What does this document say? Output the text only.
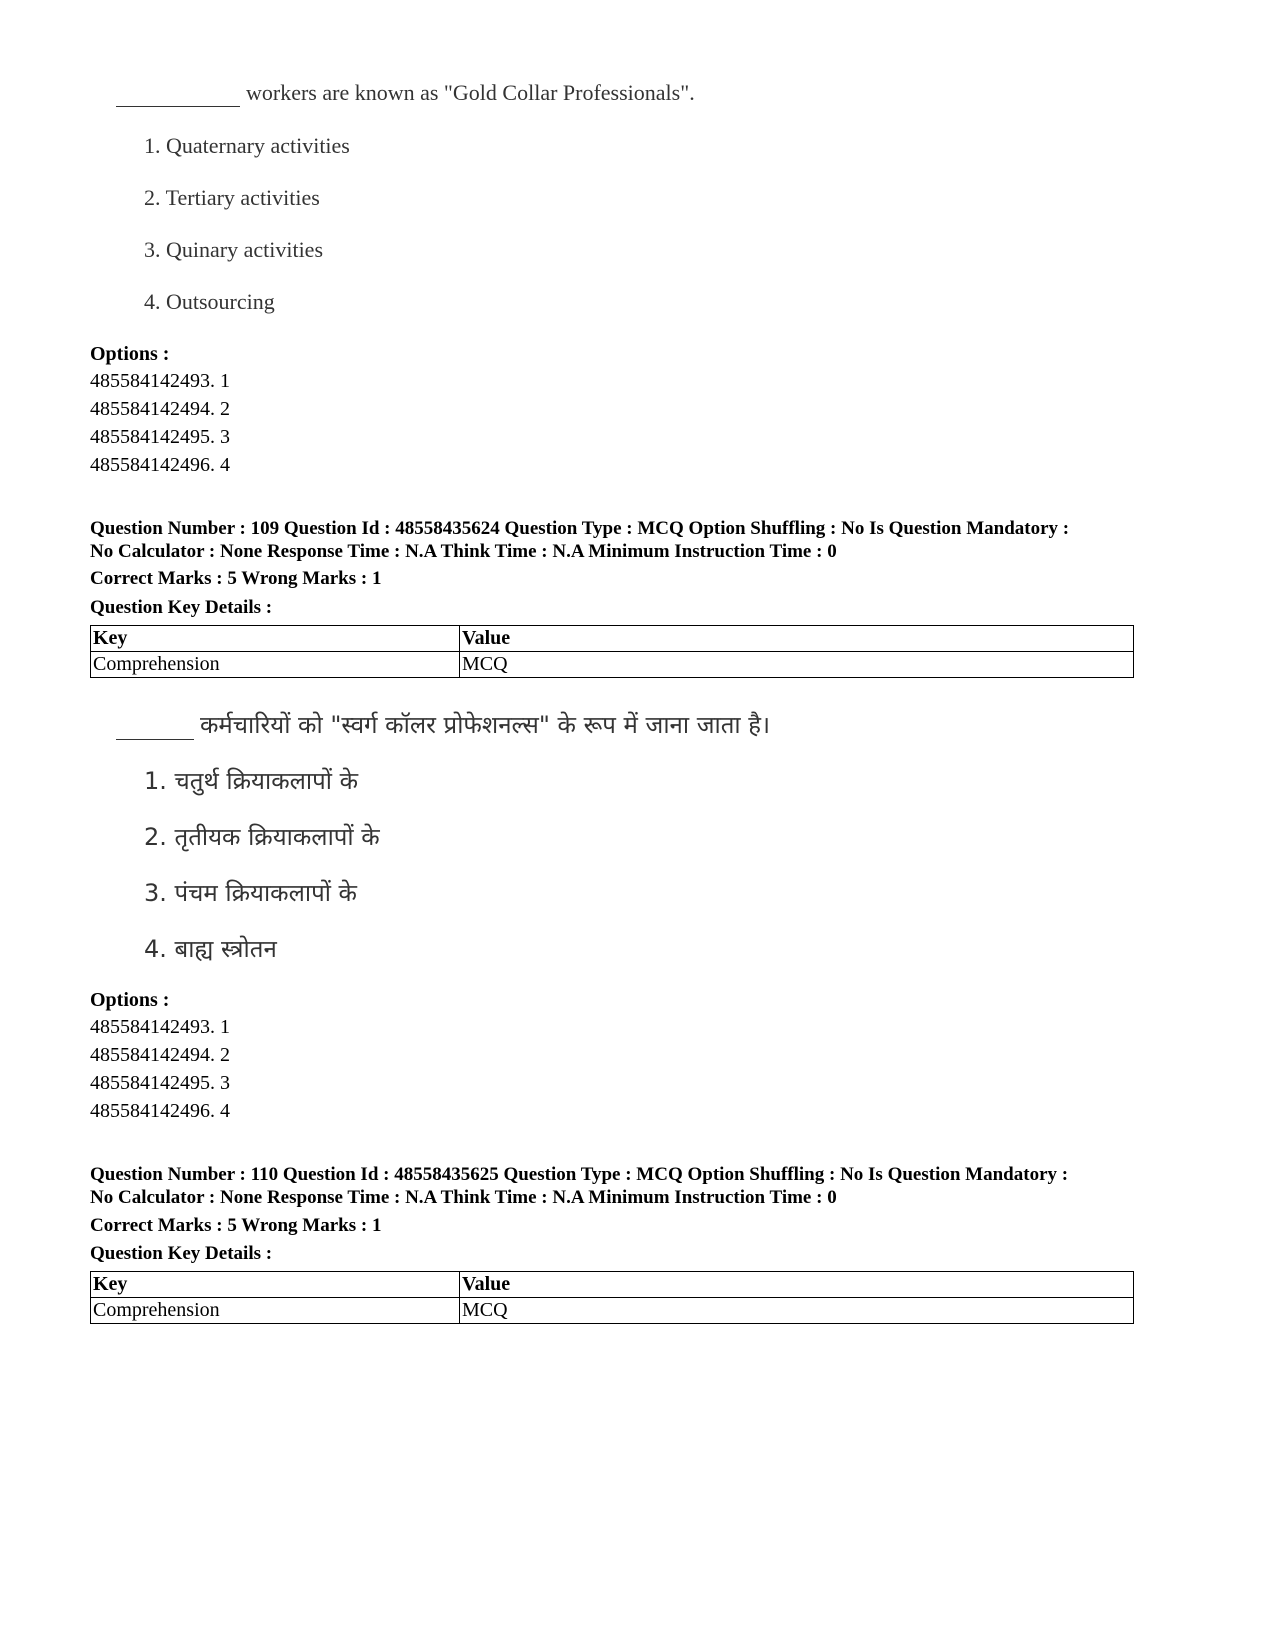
workers are known as "Gold Collar Professionals".
1. Quaternary activities
2. Tertiary activities
3. Quinary activities
4. Outsourcing
Options :
485584142493. 1
485584142494. 2
485584142495. 3
485584142496. 4
Question Number : 109 Question Id : 48558435624 Question Type : MCQ Option Shuffling : No Is Question Mandatory :
No Calculator : None Response Time : N.A Think Time : N.A Minimum Instruction Time : 0
Correct Marks : 5 Wrong Marks : 1
Question Key Details :
Key	Value
Comprehension	MCQ
कर्मचारियों को "स्वर्ग कॉलर प्रोफेशनल्स" के रूप में जाना जाता है।
1. चतुर्थ क्रियाकलापों के
2. तृतीयक क्रियाकलापों के
3. पंचम क्रियाकलापों के
4. बाह्य स्त्रोतन
Options :
485584142493. 1
485584142494. 2
485584142495. 3
485584142496. 4
Question Number : 110 Question Id : 48558435625 Question Type : MCQ Option Shuffling : No Is Question Mandatory :
No Calculator : None Response Time : N.A Think Time : N.A Minimum Instruction Time : 0
Correct Marks : 5 Wrong Marks : 1
Question Key Details :
Key	Value
Comprehension	MCQ
